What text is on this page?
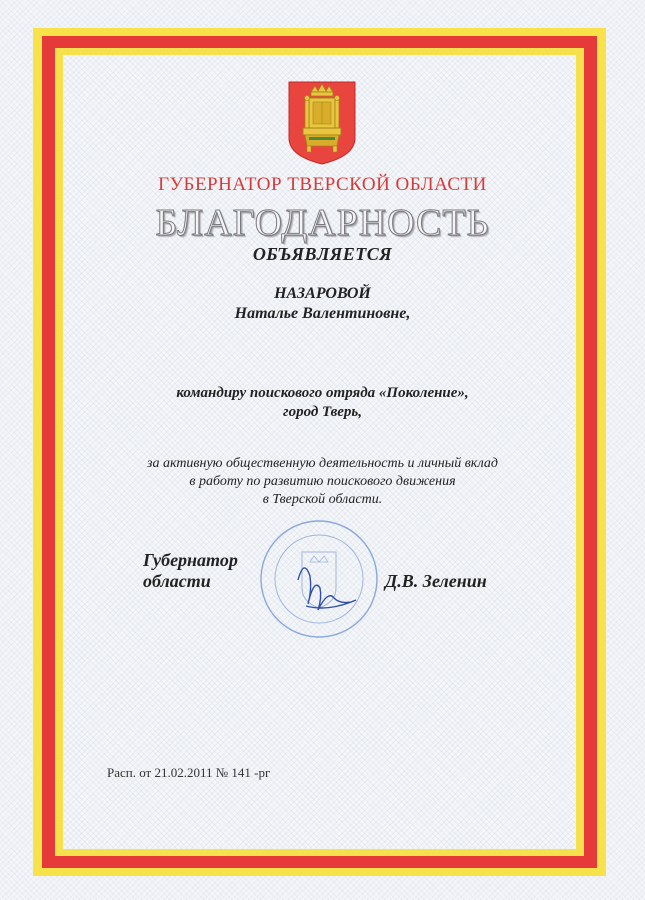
ГУБЕРНАТОР ТВЕРСКОЙ ОБЛАСТИ
БЛАГОДАРНОСТЬ
ОБЪЯВЛЯЕТСЯ
НАЗАРОВОЙ
Наталье Валентиновне,
командиру поискового отряда «Поколение»,
город Тверь,
за активную общественную деятельность и личный вклад
в работу по развитию поискового движения
в Тверской области.
Губернатор
области	Д.В. Зеленин
Расп. от 21.02.2011 № 141 -рг
